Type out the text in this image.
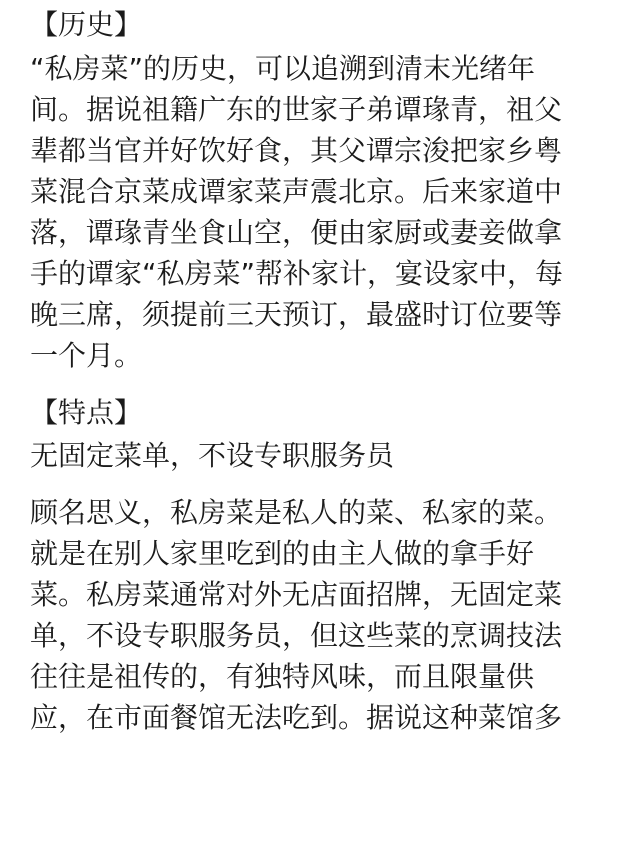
【历史】
“私房菜”的历史，可以追溯到清末光绪年
间。据说祖籍广东的世家子弟谭瑑青，祖父
辈都当官并好饮好食，其父谭宗浚把家乡粤
菜混合京菜成谭家菜声震北京。后来家道中
落，谭瑑青坐食山空，便由家厨或妻妾做拿
手的谭家“私房菜”帮补家计，宴设家中，每
晚三席，须提前三天预订，最盛时订位要等
一个月。
【特点】
无固定菜单，不设专职服务员
顾名思义，私房菜是私人的菜、私家的菜。
就是在别人家里吃到的由主人做的拿手好
菜。私房菜通常对外无店面招牌，无固定菜
单，不设专职服务员，但这些菜的烹调技法
往往是祖传的，有独特风味，而且限量供
应，在市面餐馆无法吃到。据说这种菜馆多
